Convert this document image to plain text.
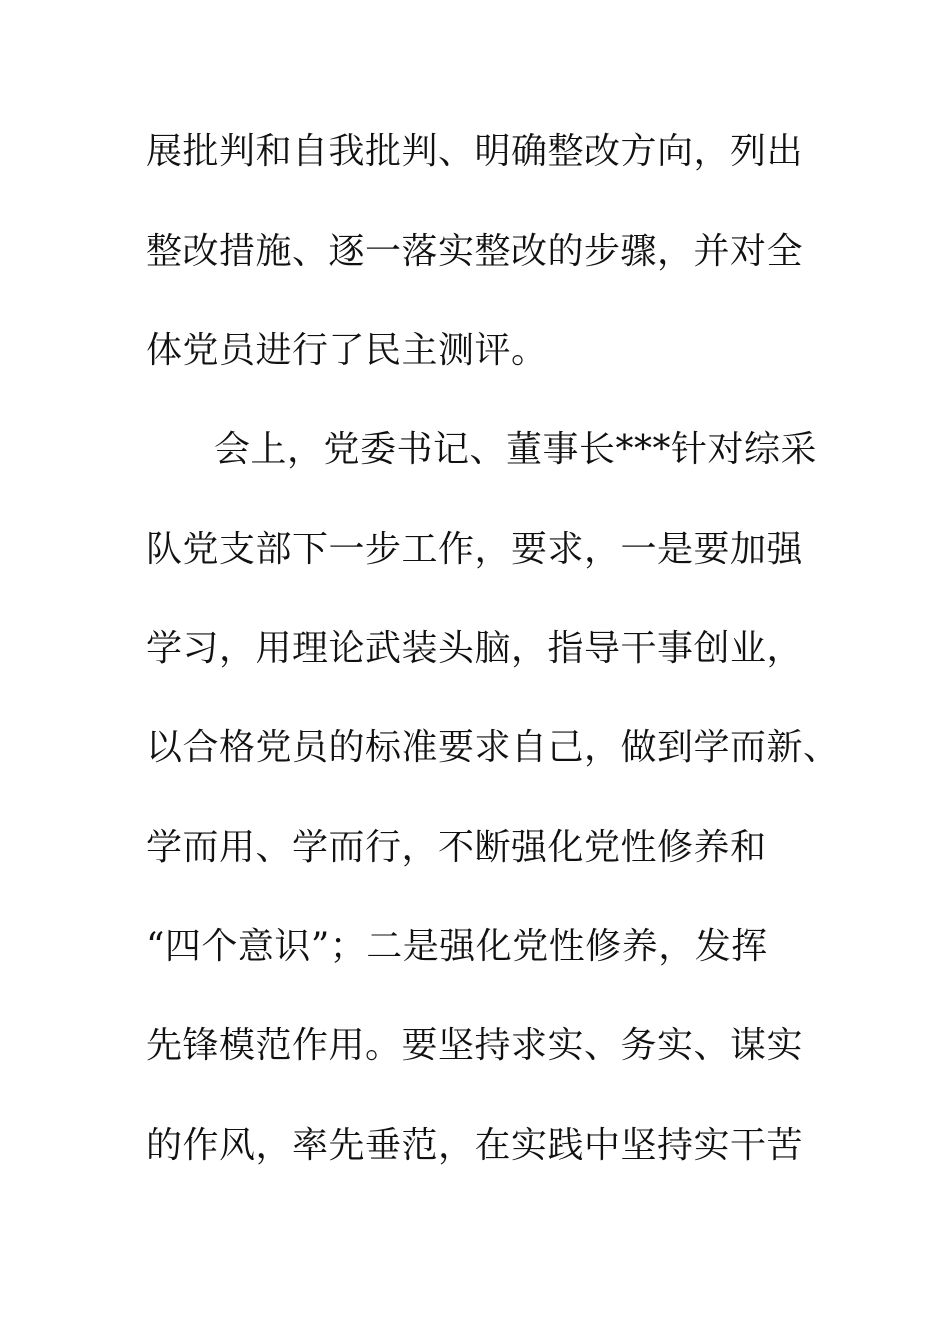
展批判和自我批判、明确整改方向，列出
整改措施、逐一落实整改的步骤，并对全
体党员进行了民主测评。
会上，党委书记、董事长***针对综采
队党支部下一步工作，要求，一是要加强
学习，用理论武装头脑，指导干事创业，
以合格党员的标准要求自己，做到学而新、
学而用、学而行，不断强化党性修养和
“四个意识”；二是强化党性修养，发挥
先锋模范作用。要坚持求实、务实、谋实
的作风，率先垂范，在实践中坚持实干苦
